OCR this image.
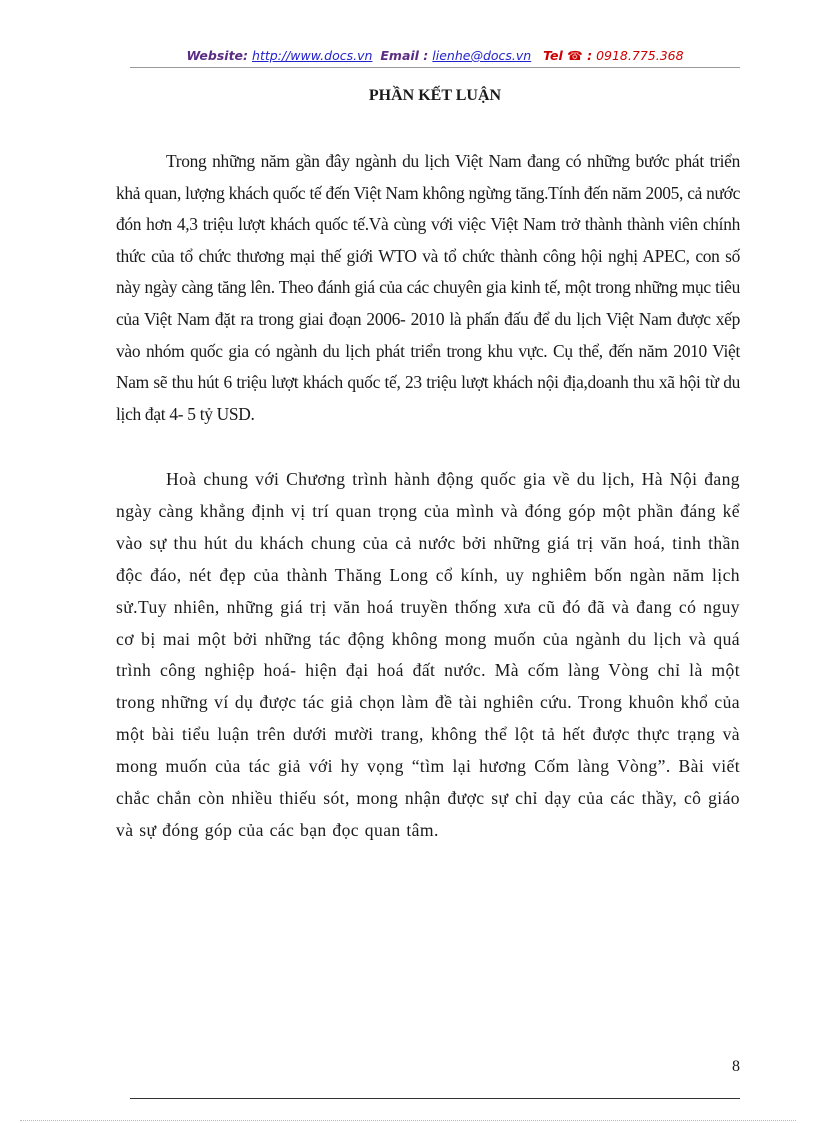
Website: http://www.docs.vn Email : lienhe@docs.vn Tel ☎ : 0918.775.368
PHẦN KẾT LUẬN

Trong những năm gần đây ngành du lịch Việt Nam đang có những bước phát triển khả quan, lượng khách quốc tế đến Việt Nam không ngừng tăng.Tính đến năm 2005, cả nước đón hơn 4,3 triệu lượt khách quốc tế.Và cùng với việc Việt Nam trở thành thành viên chính thức của tổ chức thương mại thế giới WTO và tổ chức thành công hội nghị APEC, con số này ngày càng tăng lên. Theo đánh giá của các chuyên gia kinh tế, một trong những mục tiêu của Việt Nam đặt ra trong giai đoạn 2006- 2010 là phấn đấu để du lịch Việt Nam được xếp vào nhóm quốc gia có ngành du lịch phát triển trong khu vực. Cụ thể, đến năm 2010 Việt Nam sẽ thu hút 6 triệu lượt khách quốc tế, 23 triệu lượt khách nội địa,doanh thu xã hội từ du lịch đạt 4- 5 tỷ USD.

Hoà chung với Chương trình hành động quốc gia về du lịch, Hà Nội đang ngày càng khẳng định vị trí quan trọng của mình và đóng góp một phần đáng kể vào sự thu hút du khách chung của cả nước bởi những giá trị văn hoá, tinh thần độc đáo, nét đẹp của thành Thăng Long cổ kính, uy nghiêm bốn ngàn năm lịch sử.Tuy nhiên, những giá trị văn hoá truyền thống xưa cũ đó đã và đang có nguy cơ bị mai một bởi những tác động không mong muốn của ngành du lịch và quá trình công nghiệp hoá- hiện đại hoá đất nước. Mà cốm làng Vòng chỉ là một trong những ví dụ được tác giả chọn làm đề tài nghiên cứu. Trong khuôn khổ của một bài tiểu luận trên dưới mười trang, không thể lột tả hết được thực trạng và mong muốn của tác giả với hy vọng “tìm lại hương Cốm làng Vòng”. Bài viết chắc chắn còn nhiều thiếu sót, mong nhận được sự chỉ dạy của các thầy, cô giáo và sự đóng góp của các bạn đọc quan tâm.

8
